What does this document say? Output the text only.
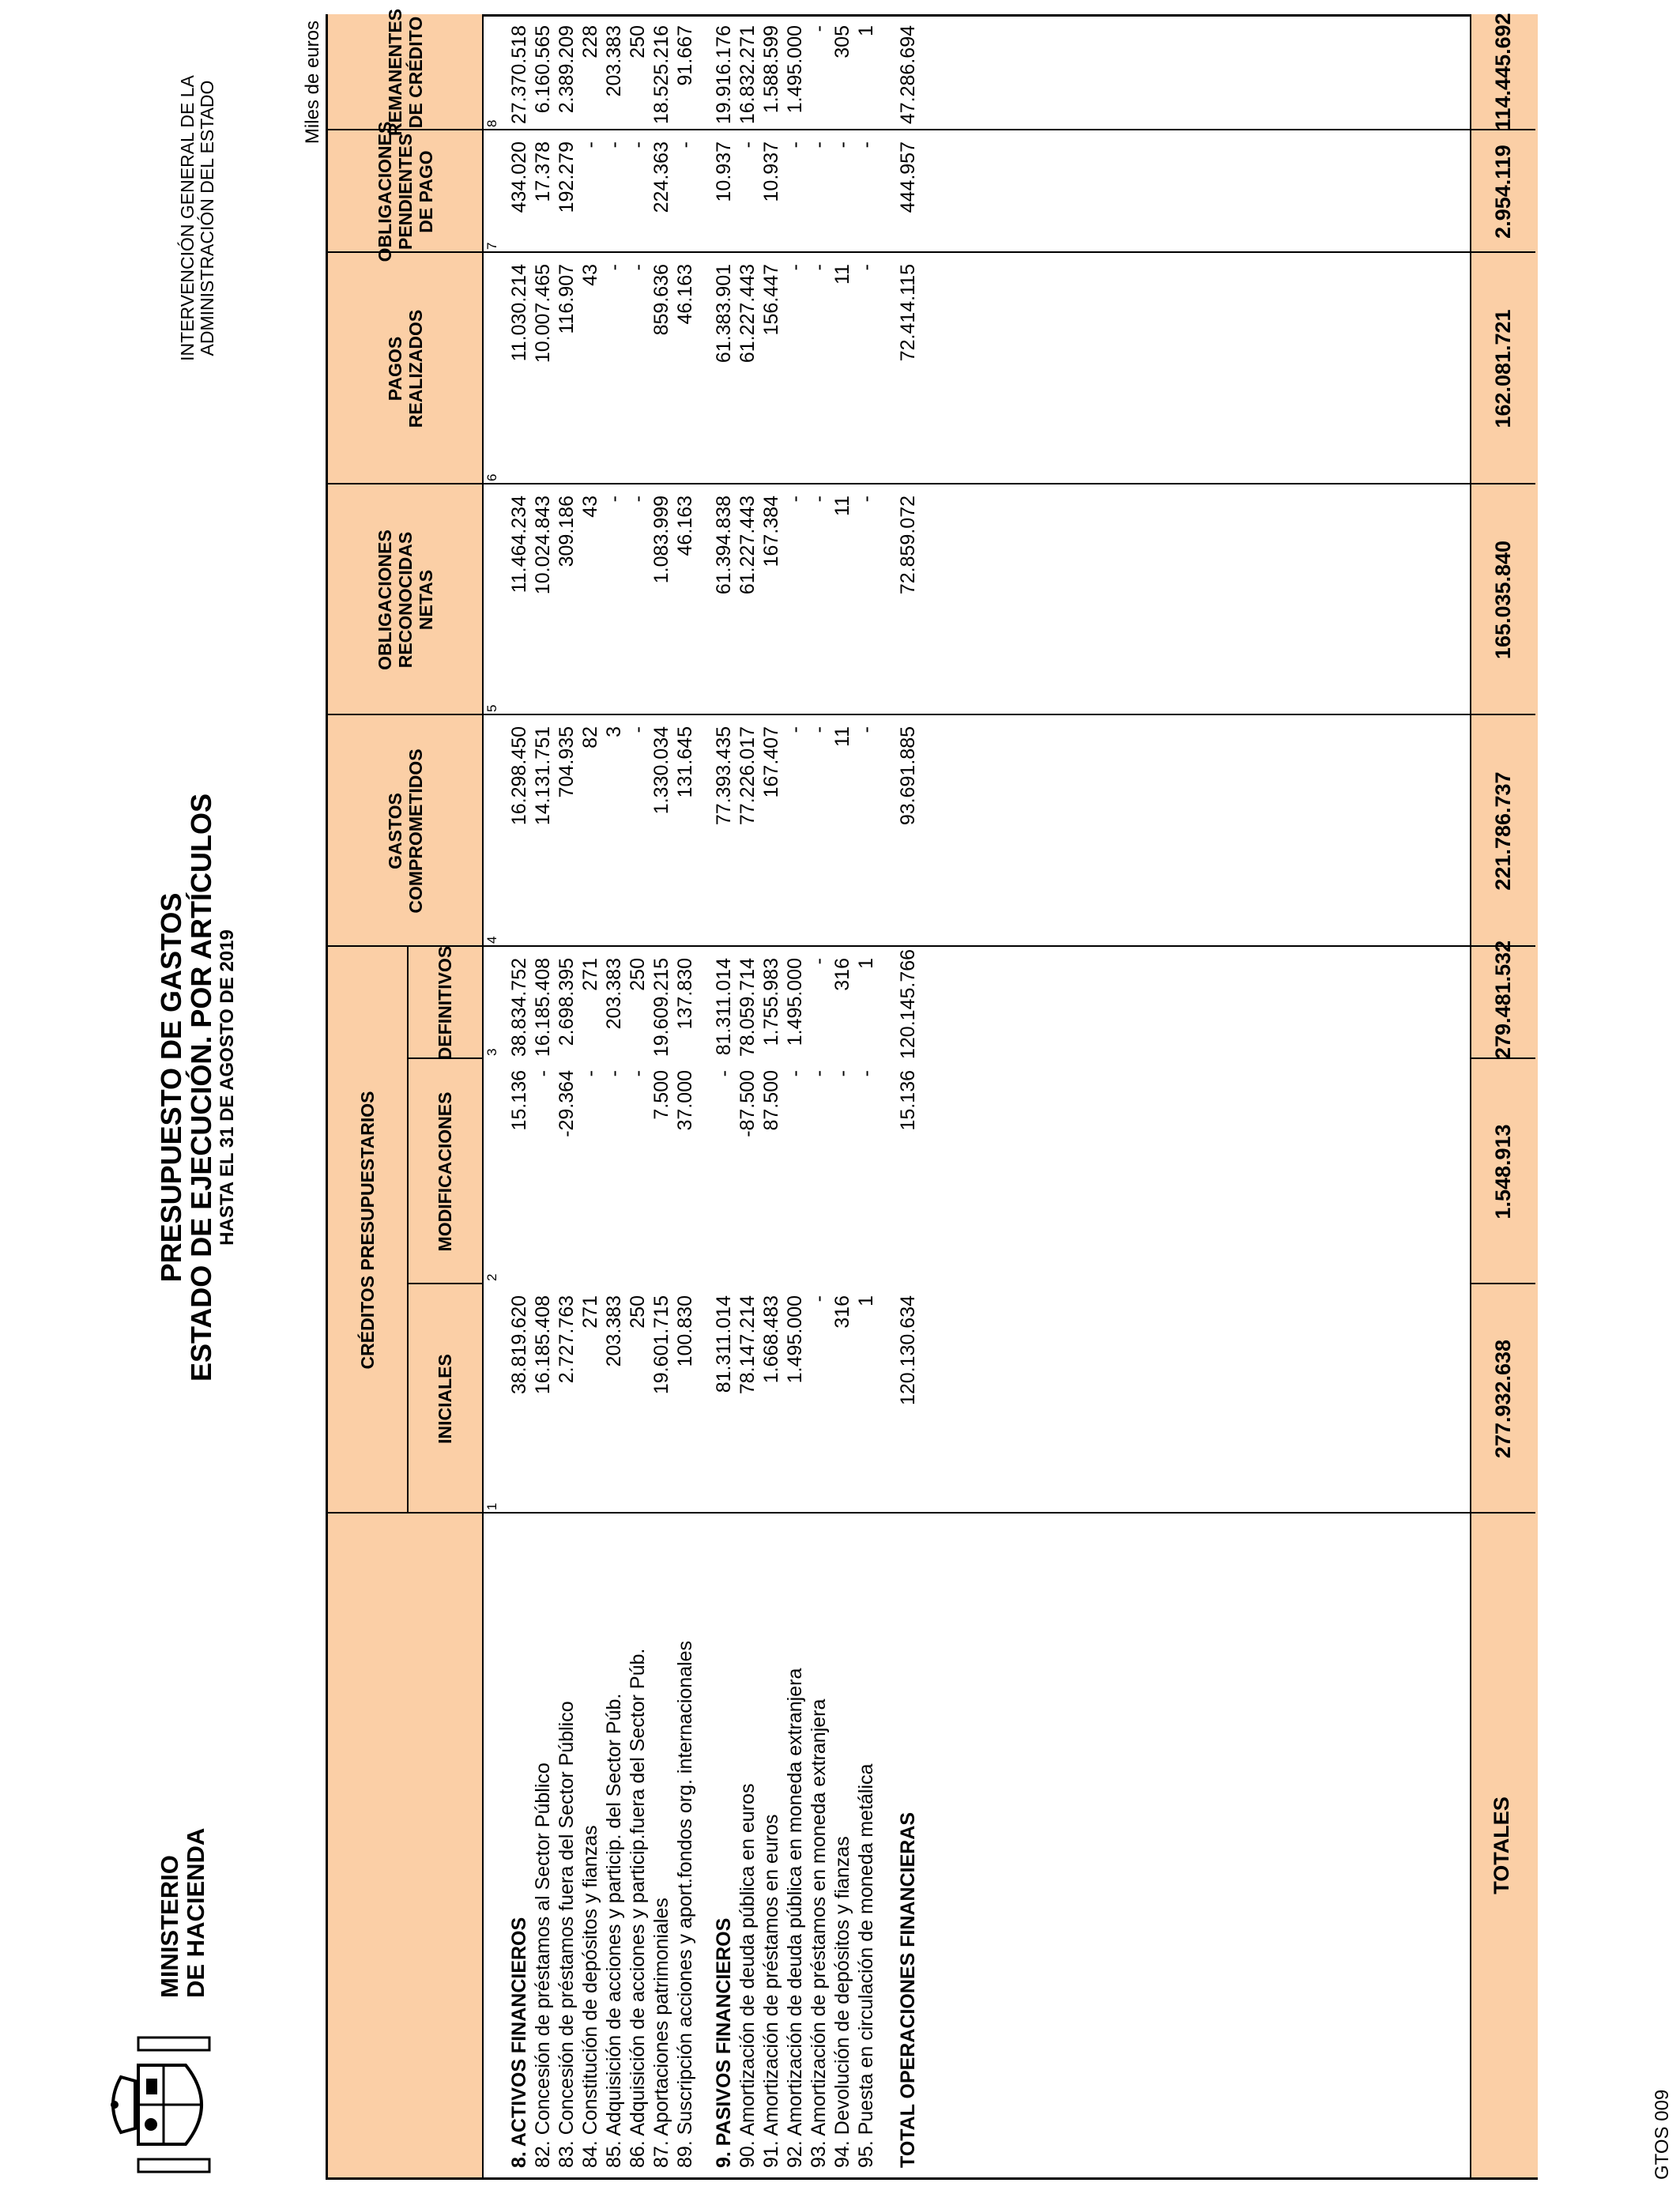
MINISTERIO
DE HACIENDA
PRESUPUESTO DE GASTOS
ESTADO DE EJECUCIÓN. POR ARTÍCULOS HASTA EL 31 DE AGOSTO DE 2019
INTERVENCIÓN GENERAL DE LA ADMINISTRACIÓN DEL ESTADO	Miles de euros
GTOS 009
CRÉDITOS PRESUPUESTARIOS
INICIALES
MODIFICACIONES
DEFINITIVOS
GASTOS COMPROMETIDOS
OBLIGACIONES RECONOCIDAS NETAS
PAGOS REALIZADOS
OBLIGACIONES PENDIENTES DE PAGO
8. ACTIVOS FINANCIEROS
38.819.620
15.136
38.834.752
16.298.450
11.464.234
11.030.214
434.020
27.370.518
82. Concesión de préstamos al Sector Público
16.185.408
-
16.185.408
14.131.751
10.024.843
10.007.465
17.378
6.160.565
83. Concesión de préstamos fuera del Sector Público
2.727.763
-29.364
2.698.395
704.935
309.186
116.907
192.279
2.389.209
84. Constitución de depósitos y fianzas
271
-
271
82
43
43
-
228
85. Adquisición de acciones y particip. del Sector Púb.
203.383
-
203.383
3
-
-
-
203.383
86. Adquisición de acciones y particip.fuera del Sector Púb.
250
-
250
-
-
-
-
250
87. Aportaciones patrimoniales
19.601.715
7.500
19.609.215
1.330.034
1.083.999
859.636
224.363
18.525.216
89. Suscripción acciones y aport.fondos org. internacionales
100.830
37.000
137.830
131.645
46.163
46.163
-
91.667
9. PASIVOS FINANCIEROS
81.311.014
-
81.311.014
77.393.435
61.394.838
61.383.901
10.937
19.916.176
90. Amortización de deuda pública en euros
78.147.214
-87.500
78.059.714
77.226.017
61.227.443
61.227.443
-
16.832.271
91. Amortización de préstamos en euros
1.668.483
87.500
1.755.983
167.407
167.384
156.447
10.937
1.588.599
92. Amortización de deuda pública en moneda extranjera
1.495.000
-
1.495.000
-
-
-
-
1.495.000
93. Amortización de préstamos en moneda extranjera
-
-
-
-
-
-
-
-
94. Devolución de depósitos y fianzas
316
-
316
11
11
11
-
305
95. Puesta en circulación de moneda metálica
1
-
1
-
-
-
-
1
TOTAL OPERACIONES FINANCIERAS
120.130.634
15.136
120.145.766
93.691.885
72.859.072
72.414.115
444.957
47.286.694
1
2
3
4
5
6
7
8
TOTALES
277.932.638
1.548.913
279.481.532
221.786.737
165.035.840
162.081.721
2.954.119
114.445.692
REMANENTES DE CRÉDITO
